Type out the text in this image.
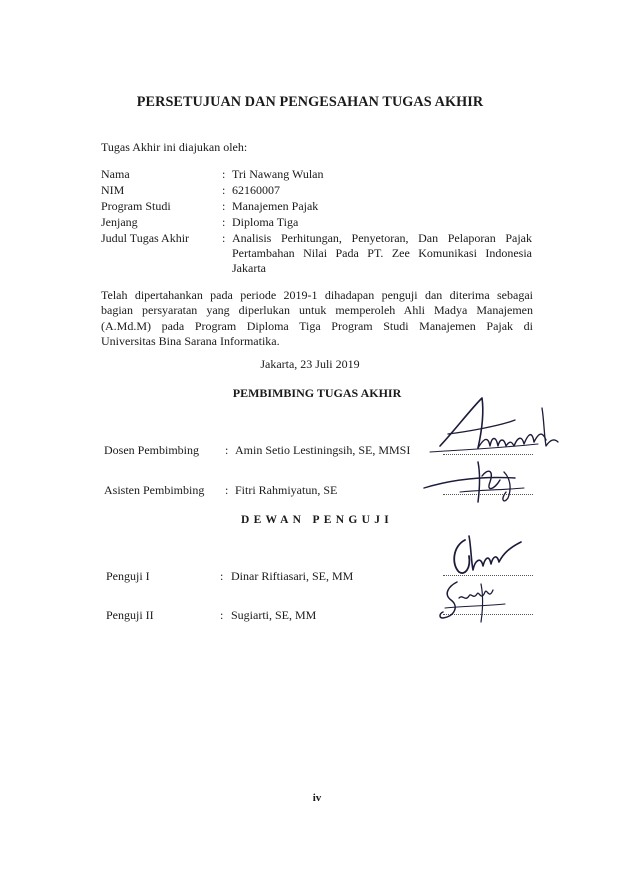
PERSETUJUAN DAN PENGESAHAN TUGAS AKHIR
Tugas Akhir ini diajukan oleh:
Nama	: Tri Nawang Wulan
NIM	: 62160007
Program Studi	: Manajemen Pajak
Jenjang	: Diploma Tiga
Judul Tugas Akhir	: Analisis Perhitungan, Penyetoran, Dan Pelaporan Pajak
Pertambahan Nilai Pada PT. Zee Komunikasi Indonesia
Jakarta
Telah dipertahankan pada periode 2019-1 dihadapan penguji dan diterima sebagai
bagian persyaratan yang diperlukan untuk memperoleh Ahli Madya Manajemen
(A.Md.M) pada Program Diploma Tiga Program Studi Manajemen Pajak di
Universitas Bina Sarana Informatika.
Jakarta, 23 Juli 2019
PEMBIMBING TUGAS AKHIR
Dosen Pembimbing : Amin Setio Lestiningsih, SE, MMSI
Asisten Pembimbing : Fitri Rahmiyatun, SE
DEWAN PENGUJI
Penguji I	: Dinar Riftiasari, SE, MM
Penguji II	: Sugiarti, SE, MM
iv
